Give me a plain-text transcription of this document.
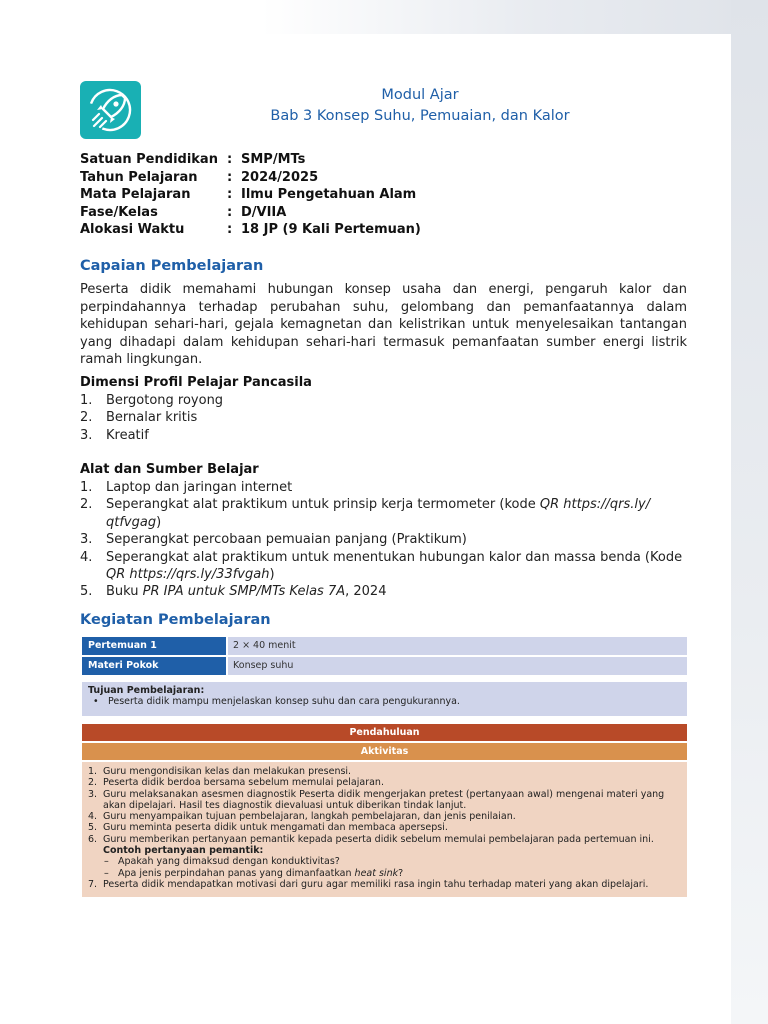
Modul Ajar
Bab 3 Konsep Suhu, Pemuaian, dan Kalor
Satuan Pendidikan : SMP/MTs
Tahun Pelajaran : 2024/2025
Mata Pelajaran	: Ilmu Pengetahuan Alam
Fase/Kelas	: D/VIIA
Alokasi Waktu	: 18 JP (9 Kali Pertemuan)
Capaian Pembelajaran
Peserta didik memahami hubungan konsep usaha dan energi, pengaruh kalor dan perpindahannya terhadap perubahan suhu, gelombang dan pemanfaatannya dalam kehidupan sehari-hari, gejala kemagnetan dan kelistrikan untuk menyelesaikan tantangan yang dihadapi dalam kehidupan sehari-hari termasuk pemanfaatan sumber energi listrik ramah lingkungan.
Dimensi Profil Pelajar Pancasila
1. Bergotong royong
2. Bernalar kritis
3. Kreatif
Alat dan Sumber Belajar
1. Laptop dan jaringan internet
2. Seperangkat alat praktikum untuk prinsip kerja termometer (kode QR https://qrs.ly/ qtfvgag)
3. Seperangkat percobaan pemuaian panjang (Praktikum)
4. Seperangkat alat praktikum untuk menentukan hubungan kalor dan massa benda (Kode QR https://qrs.ly/33fvgah)
5. Buku PR IPA untuk SMP/MTs Kelas 7A, 2024
Kegiatan Pembelajaran
Pertemuan 1	2 × 40 menit
Materi Pokok	Konsep suhu
Tujuan Pembelajaran:
• Peserta didik mampu menjelaskan konsep suhu dan cara pengukurannya.
Pendahuluan
Aktivitas
1. Guru mengondisikan kelas dan melakukan presensi.
2. Peserta didik berdoa bersama sebelum memulai pelajaran.
3. Guru melaksanakan asesmen diagnostik Peserta didik mengerjakan pretest (pertanyaan awal) mengenai materi yang akan dipelajari. Hasil tes diagnostik dievaluasi untuk diberikan tindak lanjut.
4. Guru menyampaikan tujuan pembelajaran, langkah pembelajaran, dan jenis penilaian.
5. Guru meminta peserta didik untuk mengamati dan membaca apersepsi.
6. Guru memberikan pertanyaan pemantik kepada peserta didik sebelum memulai pembelajaran pada pertemuan ini.
Contoh pertanyaan pemantik:
– Apakah yang dimaksud dengan konduktivitas?
– Apa jenis perpindahan panas yang dimanfaatkan heat sink?
7. Peserta didik mendapatkan motivasi dari guru agar memiliki rasa ingin tahu terhadap materi yang akan dipelajari.
